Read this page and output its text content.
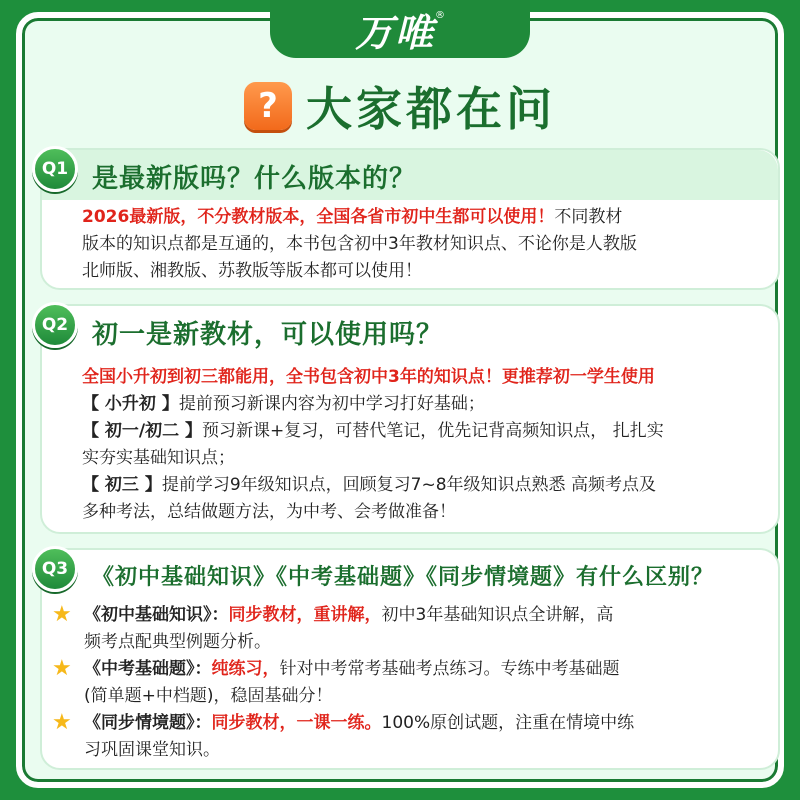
万唯 ®
? 大家都在问
Q1 是最新版吗？什么版本的？
2026最新版，不分教材版本，全国各省市初中生都可以使用！不同教材
版本的知识点都是互通的，本书包含初中3年教材知识点、不论你是人教版
北师版、湘教版、苏教版等版本都可以使用！
Q2 初一是新教材，可以使用吗？
全国小升初到初三都能用，全书包含初中3年的知识点！更推荐初一学生使用
【 小升初 】提前预习新课内容为初中学习打好基础；
【 初一/初二 】预习新课+复习，可替代笔记，优先记背高频知识点， 扎扎实
实夯实基础知识点；
【 初三 】提前学习9年级知识点，回顾复习7~8年级知识点熟悉 高频考点及
多种考法，总结做题方法，为中考、会考做准备！
Q3	《初中基础知识》《中考基础题》《同步情境题》有什么区别？
★ 《初中基础知识》：同步教材，重讲解，初中3年基础知识点全讲解，高
频考点配典型例题分析。
★ 《中考基础题》：纯练习，针对中考常考基础考点练习。专练中考基础题
(简单题+中档题)，稳固基础分！
★ 《同步情境题》：同步教材，一课一练。100%原创试题，注重在情境中练
习巩固课堂知识。
